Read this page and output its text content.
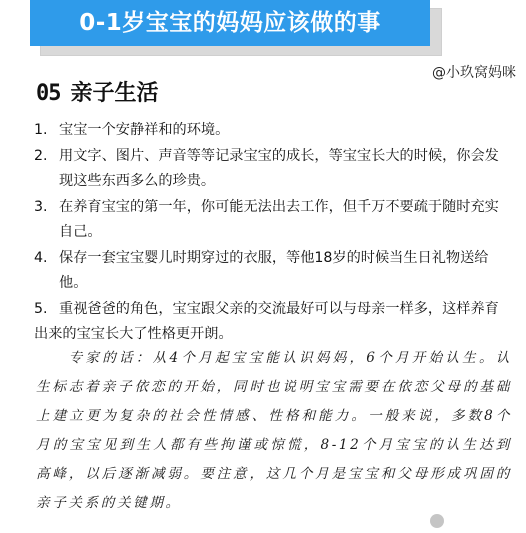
0-1岁宝宝的妈妈应该做的事
@小玖窝妈咪
05 亲子生活
1. 宝宝一个安静祥和的环境。
2. 用文字、图片、声音等等记录宝宝的成长，等宝宝长大的时候，你会发现这些东西多么的珍贵。
3. 在养育宝宝的第一年，你可能无法出去工作，但千万不要疏于随时充实自己。
4. 保存一套宝宝婴儿时期穿过的衣服，等他18岁的时候当生日礼物送给他。
5. 重视爸爸的角色，宝宝跟父亲的交流最好可以与母亲一样多，这样养育出来的宝宝长大了性格更开朗。
专家的话：从4个月起宝宝能认识妈妈，6个月开始认生。认生标志着亲子依恋的开始，同时也说明宝宝需要在依恋父母的基础上建立更为复杂的社会性情感、性格和能力。一般来说，多数8个月的宝宝见到生人都有些拘谨或惊慌，8-12个月宝宝的认生达到高峰，以后逐渐减弱。要注意，这几个月是宝宝和父母形成巩固的亲子关系的关键期。
头条@宝宝派
